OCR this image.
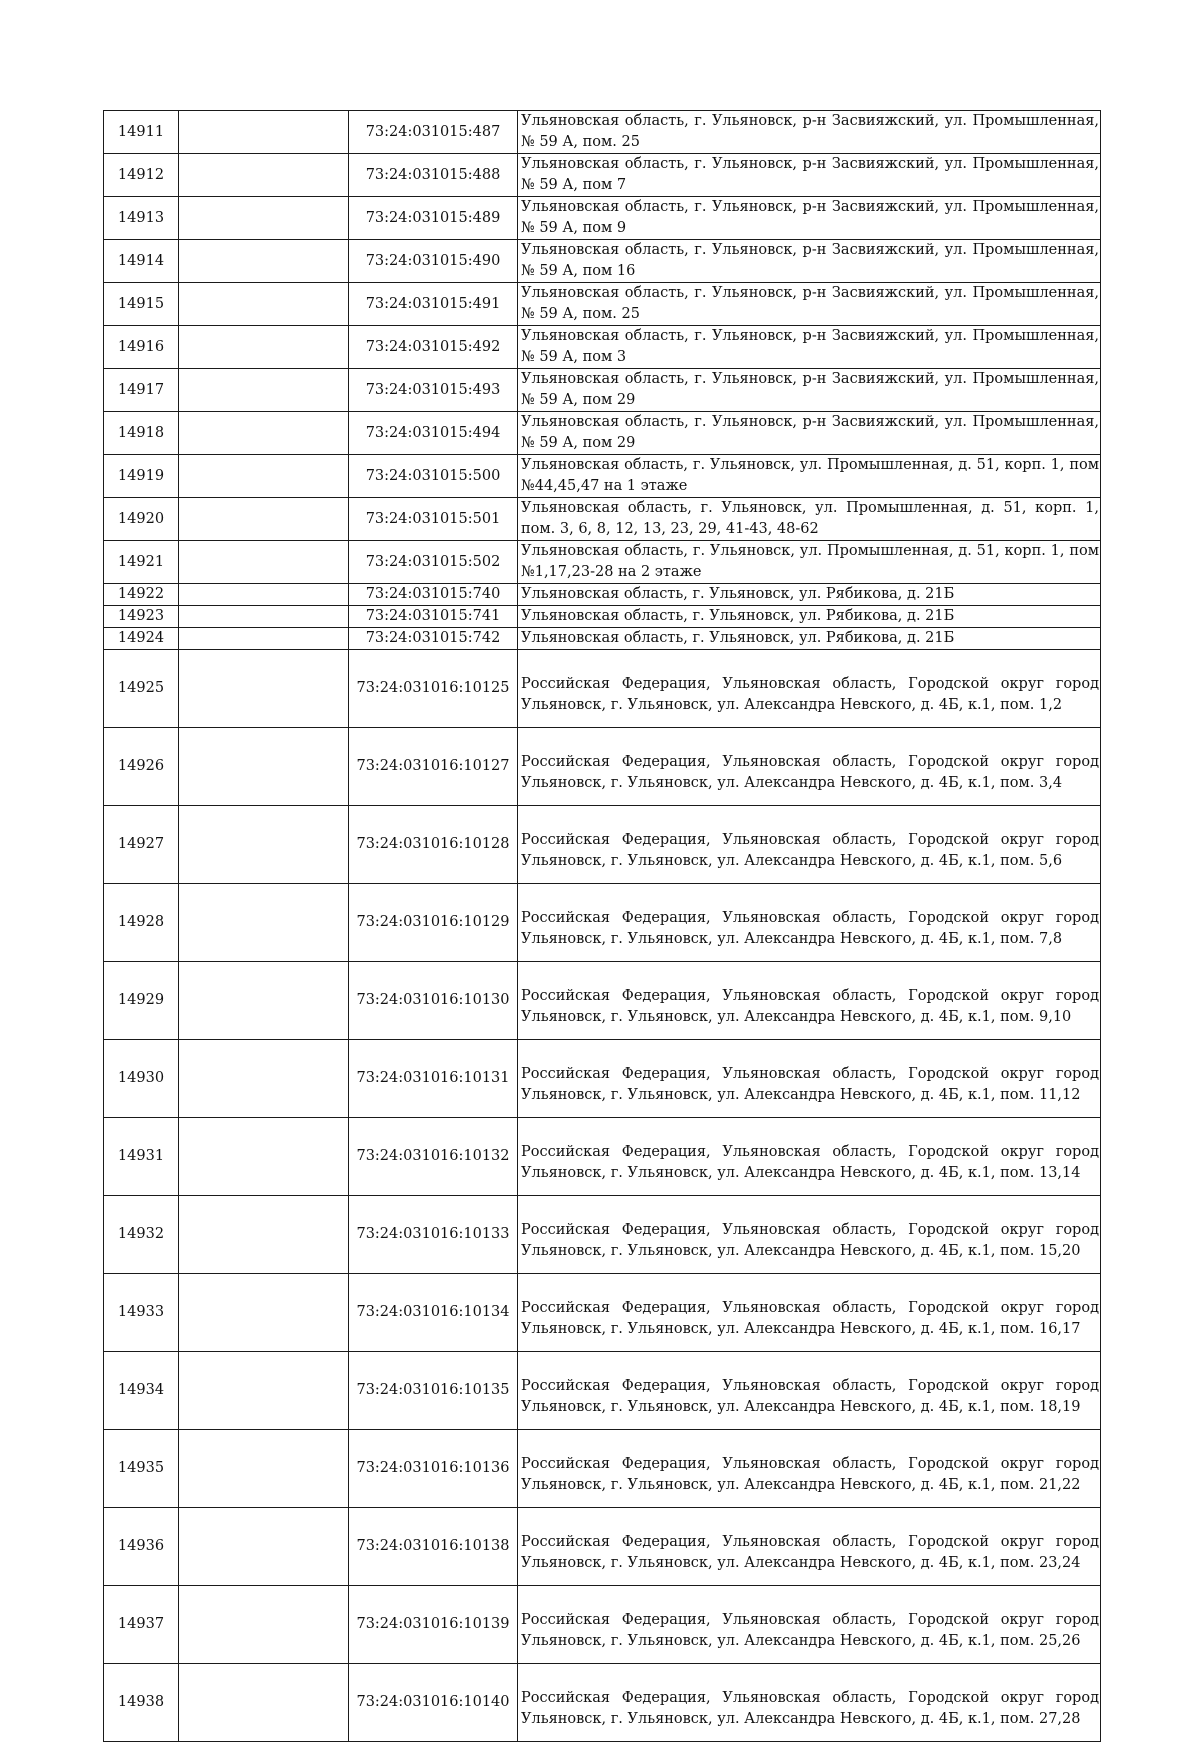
14911		73:24:031015:487	Ульяновская область, г. Ульяновск, р-н Засвияжский, ул. Промышленная, № 59 А, пом. 25
14912		73:24:031015:488	Ульяновская область, г. Ульяновск, р-н Засвияжский, ул. Промышленная, № 59 А, пом 7
14913		73:24:031015:489	Ульяновская область, г. Ульяновск, р-н Засвияжский, ул. Промышленная, № 59 А, пом 9
14914		73:24:031015:490	Ульяновская область, г. Ульяновск, р-н Засвияжский, ул. Промышленная, № 59 А, пом 16
14915		73:24:031015:491	Ульяновская область, г. Ульяновск, р-н Засвияжский, ул. Промышленная, № 59 А, пом. 25
14916		73:24:031015:492	Ульяновская область, г. Ульяновск, р-н Засвияжский, ул. Промышленная, № 59 А, пом 3
14917		73:24:031015:493	Ульяновская область, г. Ульяновск, р-н Засвияжский, ул. Промышленная, № 59 А, пом 29
14918		73:24:031015:494	Ульяновская область, г. Ульяновск, р-н Засвияжский, ул. Промышленная, № 59 А, пом 29
14919		73:24:031015:500	Ульяновская область, г. Ульяновск, ул. Промышленная, д. 51, корп. 1, пом №44,45,47 на 1 этаже
14920		73:24:031015:501	Ульяновская область, г. Ульяновск, ул. Промышленная, д. 51, корп. 1, пом. 3, 6, 8, 12, 13, 23, 29, 41-43, 48-62
14921		73:24:031015:502	Ульяновская область, г. Ульяновск, ул. Промышленная, д. 51, корп. 1, пом №1,17,23-28 на 2 этаже
14922		73:24:031015:740	Ульяновская область, г. Ульяновск, ул. Рябикова, д. 21Б
14923		73:24:031015:741	Ульяновская область, г. Ульяновск, ул. Рябикова, д. 21Б
14924		73:24:031015:742	Ульяновская область, г. Ульяновск, ул. Рябикова, д. 21Б
14925		73:24:031016:10125	Российская Федерация, Ульяновская область, Городской округ город Ульяновск, г. Ульяновск, ул. Александра Невского, д. 4Б, к.1, пом. 1,2
14926		73:24:031016:10127	Российская Федерация, Ульяновская область, Городской округ город Ульяновск, г. Ульяновск, ул. Александра Невского, д. 4Б, к.1, пом. 3,4
14927		73:24:031016:10128	Российская Федерация, Ульяновская область, Городской округ город Ульяновск, г. Ульяновск, ул. Александра Невского, д. 4Б, к.1, пом. 5,6
14928		73:24:031016:10129	Российская Федерация, Ульяновская область, Городской округ город Ульяновск, г. Ульяновск, ул. Александра Невского, д. 4Б, к.1, пом. 7,8
14929		73:24:031016:10130	Российская Федерация, Ульяновская область, Городской округ город Ульяновск, г. Ульяновск, ул. Александра Невского, д. 4Б, к.1, пом. 9,10
14930		73:24:031016:10131	Российская Федерация, Ульяновская область, Городской округ город Ульяновск, г. Ульяновск, ул. Александра Невского, д. 4Б, к.1, пом. 11,12
14931		73:24:031016:10132	Российская Федерация, Ульяновская область, Городской округ город Ульяновск, г. Ульяновск, ул. Александра Невского, д. 4Б, к.1, пом. 13,14
14932		73:24:031016:10133	Российская Федерация, Ульяновская область, Городской округ город Ульяновск, г. Ульяновск, ул. Александра Невского, д. 4Б, к.1, пом. 15,20
14933		73:24:031016:10134	Российская Федерация, Ульяновская область, Городской округ город Ульяновск, г. Ульяновск, ул. Александра Невского, д. 4Б, к.1, пом. 16,17
14934		73:24:031016:10135	Российская Федерация, Ульяновская область, Городской округ город Ульяновск, г. Ульяновск, ул. Александра Невского, д. 4Б, к.1, пом. 18,19
14935		73:24:031016:10136	Российская Федерация, Ульяновская область, Городской округ город Ульяновск, г. Ульяновск, ул. Александра Невского, д. 4Б, к.1, пом. 21,22
14936		73:24:031016:10138	Российская Федерация, Ульяновская область, Городской округ город Ульяновск, г. Ульяновск, ул. Александра Невского, д. 4Б, к.1, пом. 23,24
14937		73:24:031016:10139	Российская Федерация, Ульяновская область, Городской округ город Ульяновск, г. Ульяновск, ул. Александра Невского, д. 4Б, к.1, пом. 25,26
14938		73:24:031016:10140	Российская Федерация, Ульяновская область, Городской округ город Ульяновск, г. Ульяновск, ул. Александра Невского, д. 4Б, к.1, пом. 27,28
